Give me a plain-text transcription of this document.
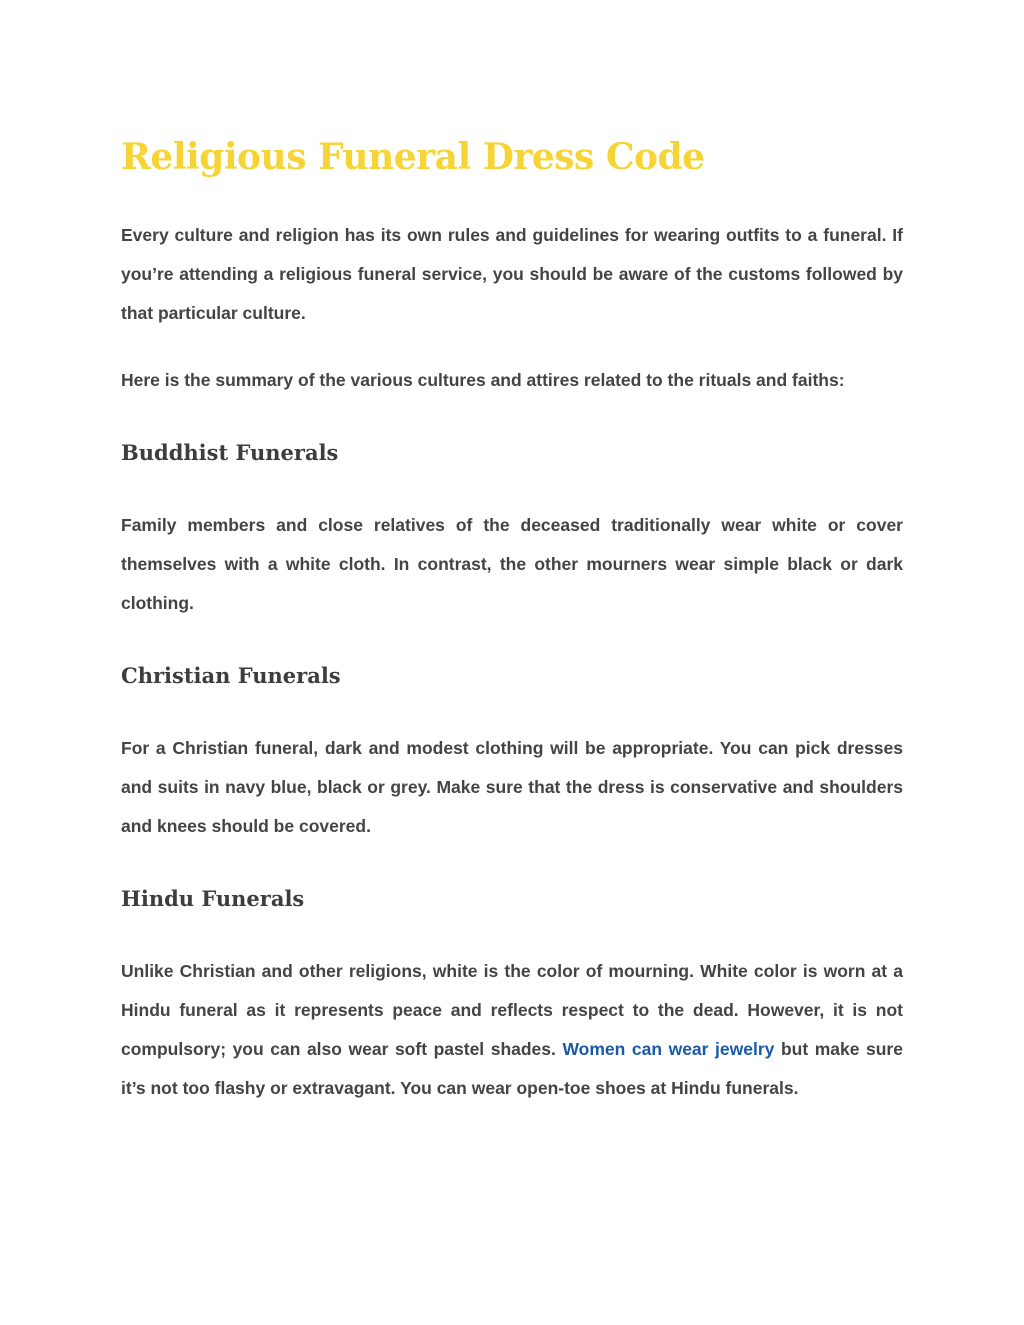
Religious Funeral Dress Code

Every culture and religion has its own rules and guidelines for wearing outfits to a funeral. If you’re attending a religious funeral service, you should be aware of the customs followed by that particular culture.

Here is the summary of the various cultures and attires related to the rituals and faiths:

Buddhist Funerals

Family members and close relatives of the deceased traditionally wear white or cover themselves with a white cloth. In contrast, the other mourners wear simple black or dark clothing.

Christian Funerals

For a Christian funeral, dark and modest clothing will be appropriate. You can pick dresses and suits in navy blue, black or grey. Make sure that the dress is conservative and shoulders and knees should be covered.

Hindu Funerals

Unlike Christian and other religions, white is the color of mourning. White color is worn at a Hindu funeral as it represents peace and reflects respect to the dead. However, it is not compulsory; you can also wear soft pastel shades. Women can wear jewelry but make sure it’s not too flashy or extravagant. You can wear open-toe shoes at Hindu funerals.
